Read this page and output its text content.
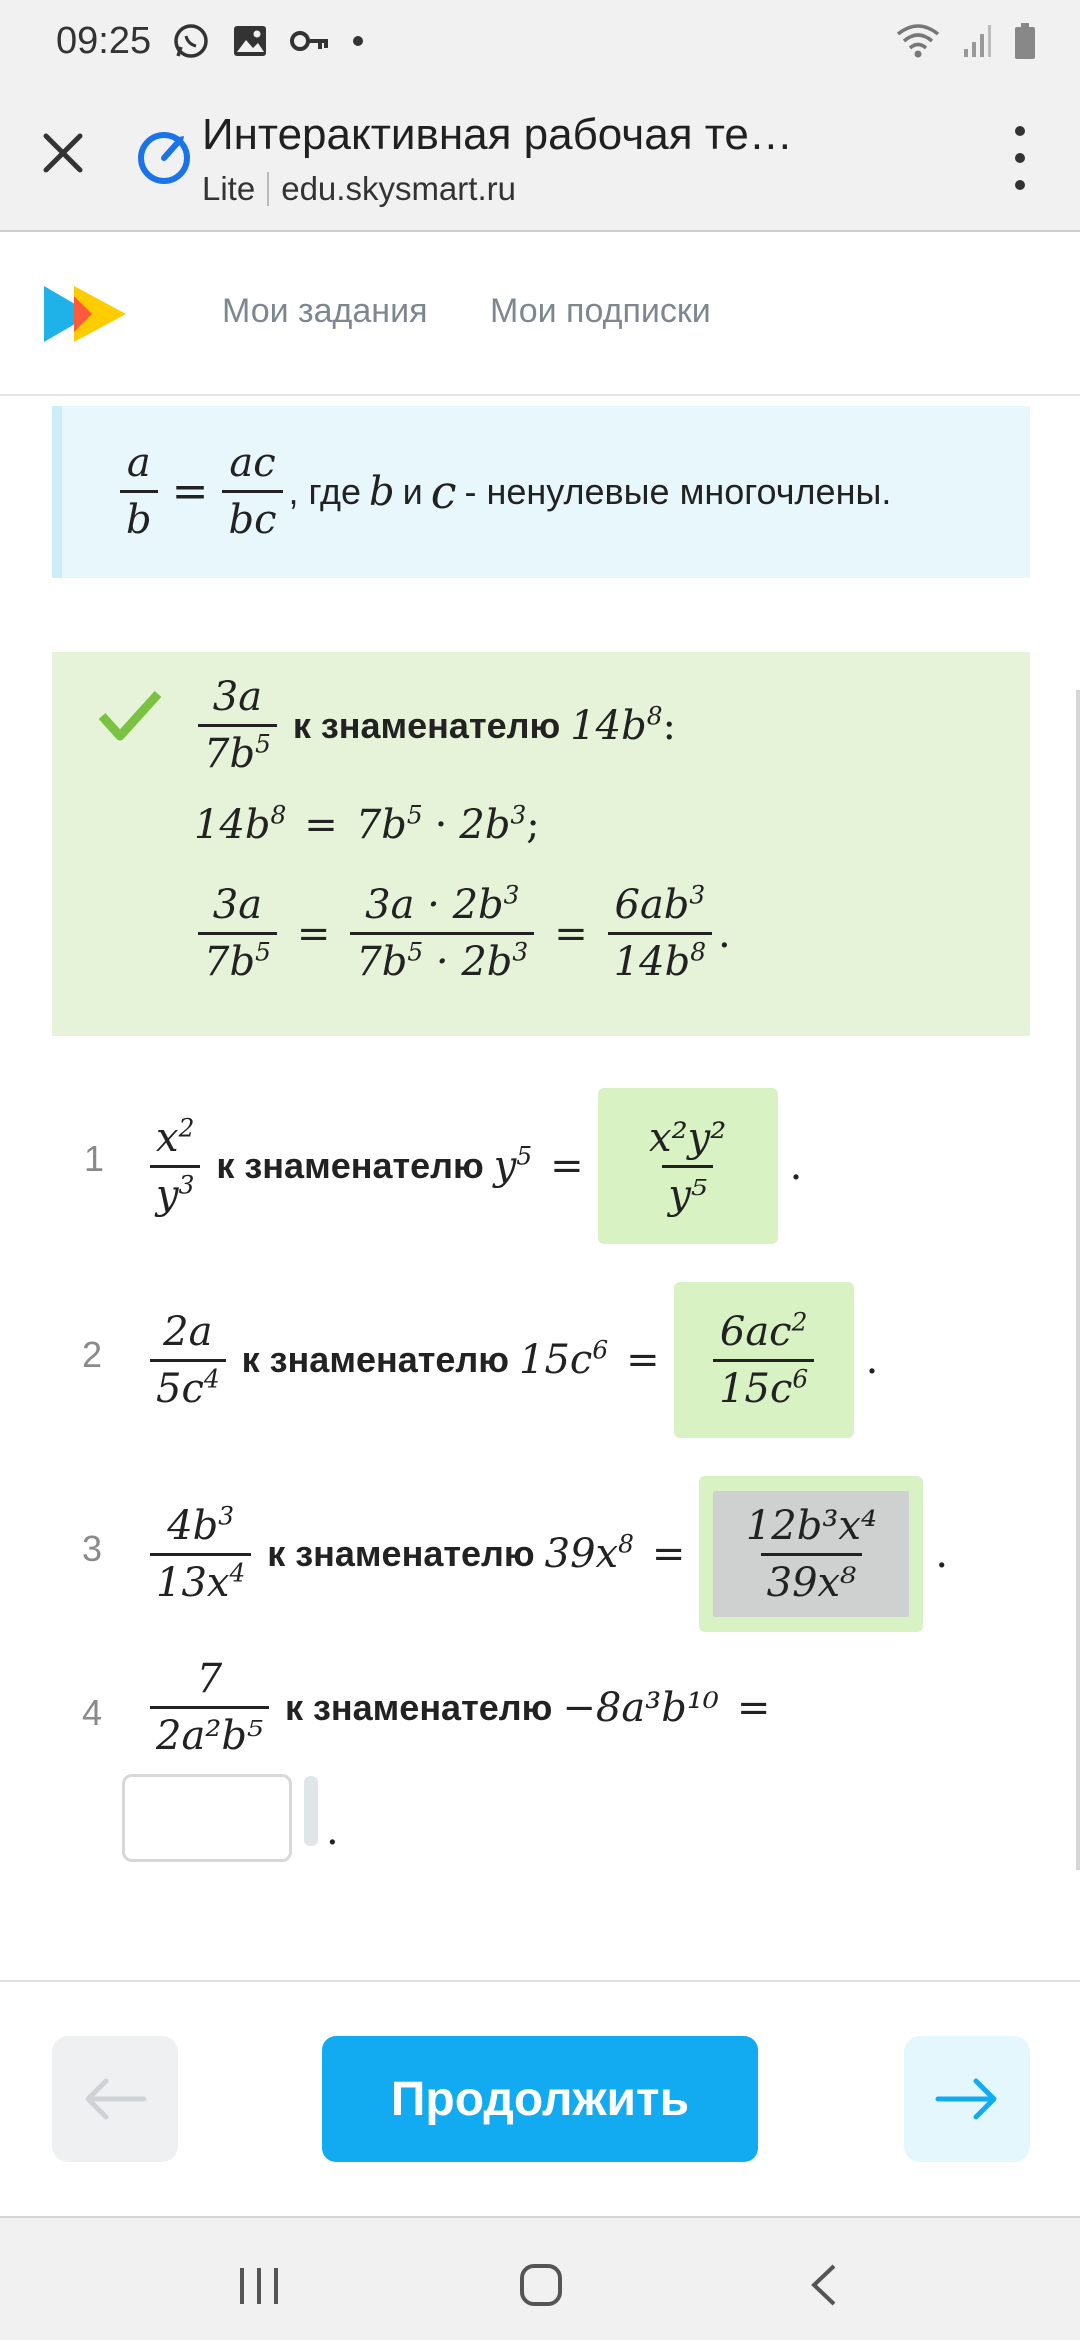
09:25
Интерактивная рабочая те…
Lite edu.skysmart.ru
Мои задания Мои подписки
$\frac{a}{b} = \frac{ac}{bc}$ , где b и c - ненулевые многочлены.
$\frac{3a}{7b^5}$ к знаменателю $14b^8$ :
$14b^8 = 7b^5 \cdot 2b^3$ ;
$\frac{3a}{7b^5} = \frac{3a \cdot 2b^3}{7b^5 \cdot 2b^3} = \frac{6ab^3}{14b^8}$ .
$1 \frac{x^2}{y^3}$ к знаменателю $y^5 = \frac{\text{x²y²}}{\text{y⁵}}$ .
$2 \frac{2a}{5c^4}$ к знаменателю $15c^6 = \frac{6ac^2}{15c^6}$ .
$3 \frac{4b^3}{13x^4}$ к знаменателю $39x^8 = \frac{\text{12b³x⁴}}{\text{39x⁸}}$ .
$4 \frac{7}{\text{2a²b⁵}}$ к знаменателю −8a³b¹⁰ =
.
Продолжить
